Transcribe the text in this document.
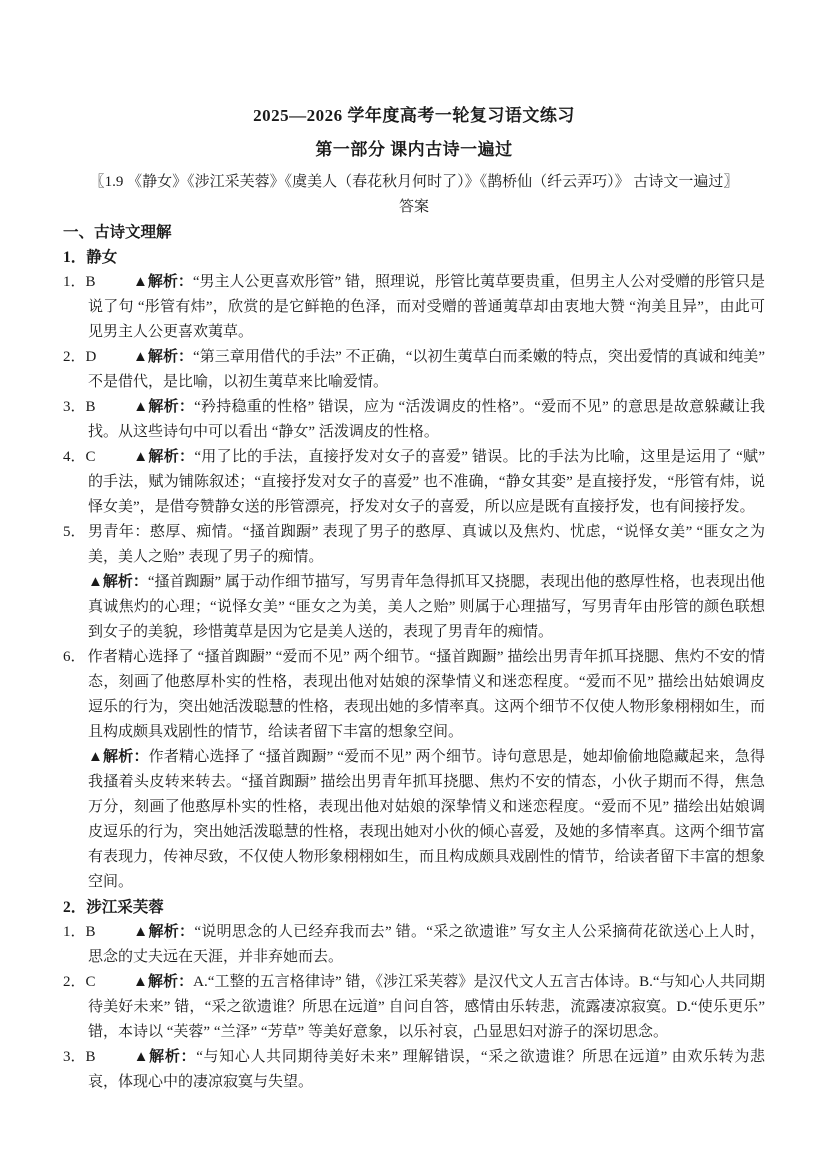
2025—2026 学年度高考一轮复习语文练习
第一部分 课内古诗一遍过

〖1.9 《静女》《涉江采芙蓉》《虞美人（春花秋月何时了）》《鹊桥仙（纤云弄巧）》 古诗文一遍过〗

答案

一、古诗文理解
1．静女

1．B ▲解析：“男主人公更喜欢彤管” 错，照理说，彤管比荑草要贵重，但男主人公对受赠的彤管只是说了句 “彤管有炜”，欣赏的是它鲜艳的色泽，而对受赠的普通荑草却由衷地大赞 “洵美且异”，由此可见男主人公更喜欢荑草。

2．D ▲解析：“第三章用借代的手法” 不正确，“以初生荑草白而柔嫩的特点，突出爱情的真诚和纯美” 不是借代，是比喻，以初生荑草来比喻爱情。

3．B ▲解析：“矜持稳重的性格” 错误，应为 “活泼调皮的性格”。“爱而不见” 的意思是故意躲藏让我找。从这些诗句中可以看出 “静女” 活泼调皮的性格。

4．C ▲解析：“用了比的手法，直接抒发对女子的喜爱” 错误。比的手法为比喻，这里是运用了 “赋” 的手法，赋为铺陈叙述；“直接抒发对女子的喜爱” 也不准确，“静女其娈” 是直接抒发，“彤管有炜，说怿女美”，是借夸赞静女送的彤管漂亮，抒发对女子的喜爱，所以应是既有直接抒发，也有间接抒发。

5． 男青年：憨厚、痴情。“搔首踟蹰” 表现了男子的憨厚、真诚以及焦灼、忧虑，“说怿女美” “匪女之为美，美人之贻” 表现了男子的痴情。

▲解析：“搔首踟蹰” 属于动作细节描写，写男青年急得抓耳又挠腮，表现出他的憨厚性格，也表现出他真诚焦灼的心理；“说怿女美” “匪女之为美，美人之贻” 则属于心理描写，写男青年由彤管的颜色联想到女子的美貌，珍惜荑草是因为它是美人送的，表现了男青年的痴情。

6． 作者精心选择了 “搔首踟蹰” “爱而不见” 两个细节。“搔首踟蹰” 描绘出男青年抓耳挠腮、焦灼不安的情态，刻画了他憨厚朴实的性格，表现出他对姑娘的深挚情义和迷恋程度。“爱而不见” 描绘出姑娘调皮逗乐的行为，突出她活泼聪慧的性格，表现出她的多情率真。这两个细节不仅使人物形象栩栩如生，而且构成颇具戏剧性的情节，给读者留下丰富的想象空间。

▲解析：作者精心选择了 “搔首踟蹰” “爱而不见” 两个细节。诗句意思是，她却偷偷地隐藏起来，急得我搔着头皮转来转去。“搔首踟蹰” 描绘出男青年抓耳挠腮、焦灼不安的情态，小伙子期而不得，焦急万分，刻画了他憨厚朴实的性格，表现出他对姑娘的深挚情义和迷恋程度。“爱而不见” 描绘出姑娘调皮逗乐的行为，突出她活泼聪慧的性格，表现出她对小伙的倾心喜爱，及她的多情率真。这两个细节富有表现力，传神尽致，不仅使人物形象栩栩如生，而且构成颇具戏剧性的情节，给读者留下丰富的想象空间。

2．涉江采芙蓉

1．B ▲解析：“说明思念的人已经弃我而去” 错。“采之欲遗谁” 写女主人公采摘荷花欲送心上人时，思念的丈夫远在天涯，并非弃她而去。

2．C ▲解析：A.“工整的五言格律诗” 错，《涉江采芙蓉》是汉代文人五言古体诗。B.“与知心人共同期待美好未来” 错，“采之欲遗谁？所思在远道” 自问自答，感情由乐转悲，流露凄凉寂寞。D.“使乐更乐” 错，本诗以 “芙蓉” “兰泽” “芳草” 等美好意象，以乐衬哀，凸显思妇对游子的深切思念。

3．B ▲解析：“与知心人共同期待美好未来” 理解错误，“采之欲遗谁？所思在远道” 由欢乐转为悲哀，体现心中的凄凉寂寞与失望。
